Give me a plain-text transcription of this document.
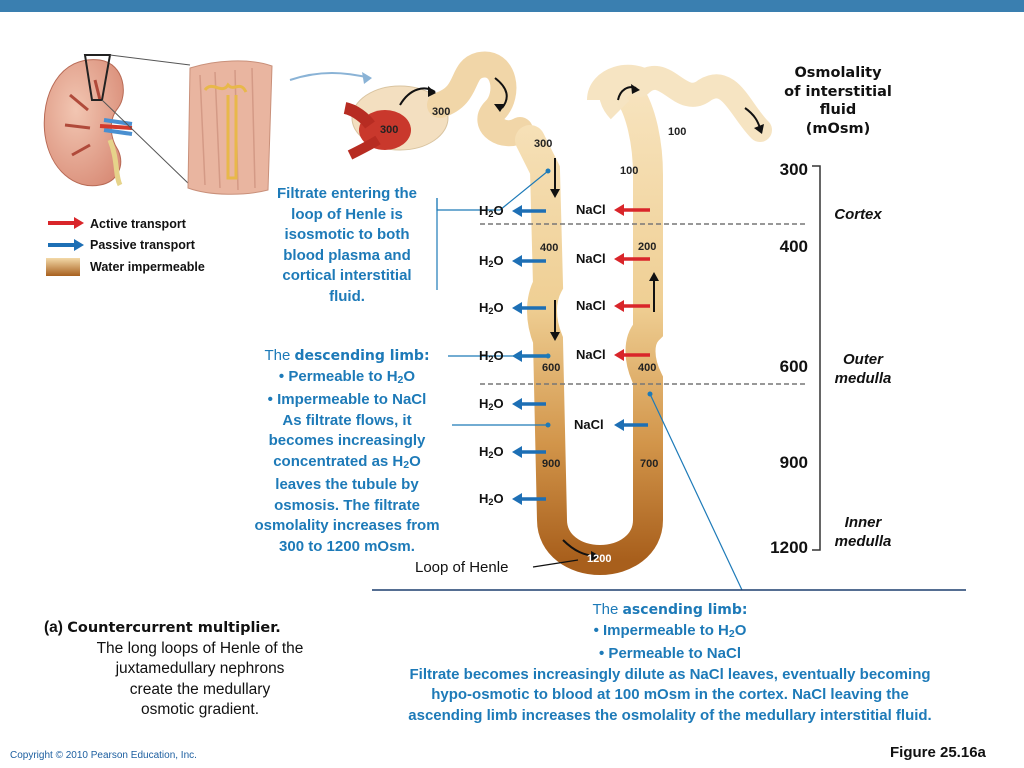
Active transport
Passive transport
Water impermeable
300
300
300
400
600
900
1200
100
100
200
400
700
$H_2O$
$H_2O$
$H_2O$
$H_2O$
$H_2O$
$H_2O$
$H_2O$
NaCl
NaCl
NaCl
NaCl
NaCl
Osmolality
of interstitial
fluid
(mOsm)
300
400
600
900
1200
Cortex
Outer
medulla
Inner
medulla
Filtrate entering the
loop of Henle is
isosmotic to both
blood plasma and
cortical interstitial
fluid.
The descending limb:
• Permeable to $H_2O$
• Impermeable to NaCl
As filtrate flows, it
becomes increasingly
concentrated as $H_2O$
leaves the tubule by
osmosis. The filtrate
osmolality increases from
300 to 1200 mOsm.
Loop of Henle
The ascending limb:
• Impermeable to $H_2O$
• Permeable to NaCl
Filtrate becomes increasingly dilute as NaCl leaves, eventually becoming
hypo-osmotic to blood at 100 mOsm in the cortex. NaCl leaving the
ascending limb increases the osmolality of the medullary interstitial fluid.
(a) Countercurrent multiplier.
The long loops of Henle of the
juxtamedullary nephrons
create the medullary
osmotic gradient.
Copyright © 2010 Pearson Education, Inc.	Figure 25.16a
